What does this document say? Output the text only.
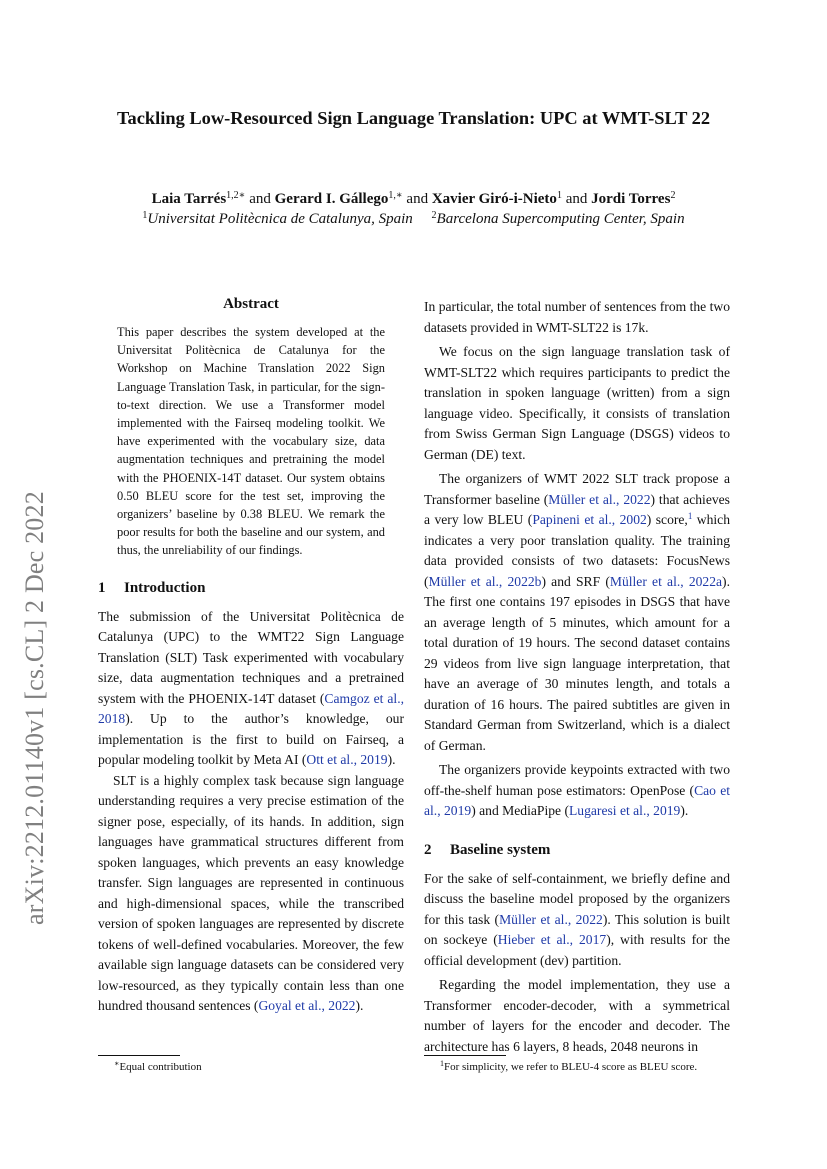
arXiv:2212.01140v1 [cs.CL] 2 Dec 2022
Tackling Low-Resourced Sign Language Translation: UPC at WMT-SLT 22
Laia Tarrés$^{1,2∗}$ and Gerard I. Gállego$^{1,∗}$ and Xavier Giró-i-Nieto$^1$ and Jordi Torres$^2$
$^1$Universitat Politècnica de Catalunya, Spain $^2$Barcelona Supercomputing Center, Spain
Abstract
This paper describes the system developed at the Universitat Politècnica de Catalunya for the Workshop on Machine Translation 2022 Sign Language Translation Task, in particular, for the sign-to-text direction. We use a Transformer model implemented with the Fairseq modeling toolkit. We have experimented with the vocabulary size, data augmentation techniques and pretraining the model with the PHOENIX-14T dataset. Our system obtains 0.50 BLEU score for the test set, improving the organizers’ baseline by 0.38 BLEU. We remark the poor results for both the baseline and our system, and thus, the unreliability of our findings.
1 Introduction

The submission of the Universitat Politècnica de Catalunya (UPC) to the WMT22 Sign Language Translation (SLT) Task experimented with vocabulary size, data augmentation techniques and a pretrained system with the PHOENIX-14T dataset (Camgoz et al., 2018). Up to the author’s knowledge, our implementation is the first to build on Fairseq, a popular modeling toolkit by Meta AI (Ott et al., 2019).

SLT is a highly complex task because sign language understanding requires a very precise estimation of the signer pose, especially, of its hands. In addition, sign languages have grammatical structures different from spoken languages, which prevents an easy knowledge transfer. Sign languages are represented in continuous and high-dimensional spaces, while the transcribed version of spoken languages are represented by discrete tokens of well-defined vocabularies. Moreover, the few available sign language datasets can be considered very low-resourced, as they typically contain less than one hundred thousand sentences (Goyal et al., 2022).

In particular, the total number of sentences from the two datasets provided in WMT-SLT22 is 17k.

We focus on the sign language translation task of WMT-SLT22 which requires participants to predict the translation in spoken language (written) from a sign language video. Specifically, it consists of translation from Swiss German Sign Language (DSGS) videos to German (DE) text.

The organizers of WMT 2022 SLT track propose a Transformer baseline (Müller et al., 2022) that achieves a very low BLEU (Papineni et al., 2002) score,$^1$ which indicates a very poor translation quality. The training data provided consists of two datasets: FocusNews (Müller et al., 2022b) and SRF (Müller et al., 2022a). The first one contains 197 episodes in DSGS that have an average length of 5 minutes, which amount for a total duration of 19 hours. The second dataset contains 29 videos from live sign language interpretation, that have an average of 30 minutes length, and totals a duration of 16 hours. The paired subtitles are given in Standard German from Switzerland, which is a dialect of German.

The organizers provide keypoints extracted with two off-the-shelf human pose estimators: OpenPose (Cao et al., 2019) and MediaPipe (Lugaresi et al., 2019).

2 Baseline system

For the sake of self-containment, we briefly define and discuss the baseline model proposed by the organizers for this task (Müller et al., 2022). This solution is built on sockeye (Hieber et al., 2017), with results for the official development (dev) partition.

Regarding the model implementation, they use a Transformer encoder-decoder, with a symmetrical number of layers for the encoder and decoder. The architecture has 6 layers, 8 heads, 2048 neurons in

∗Equal contribution	$^1$For simplicity, we refer to BLEU-4 score as BLEU score.
